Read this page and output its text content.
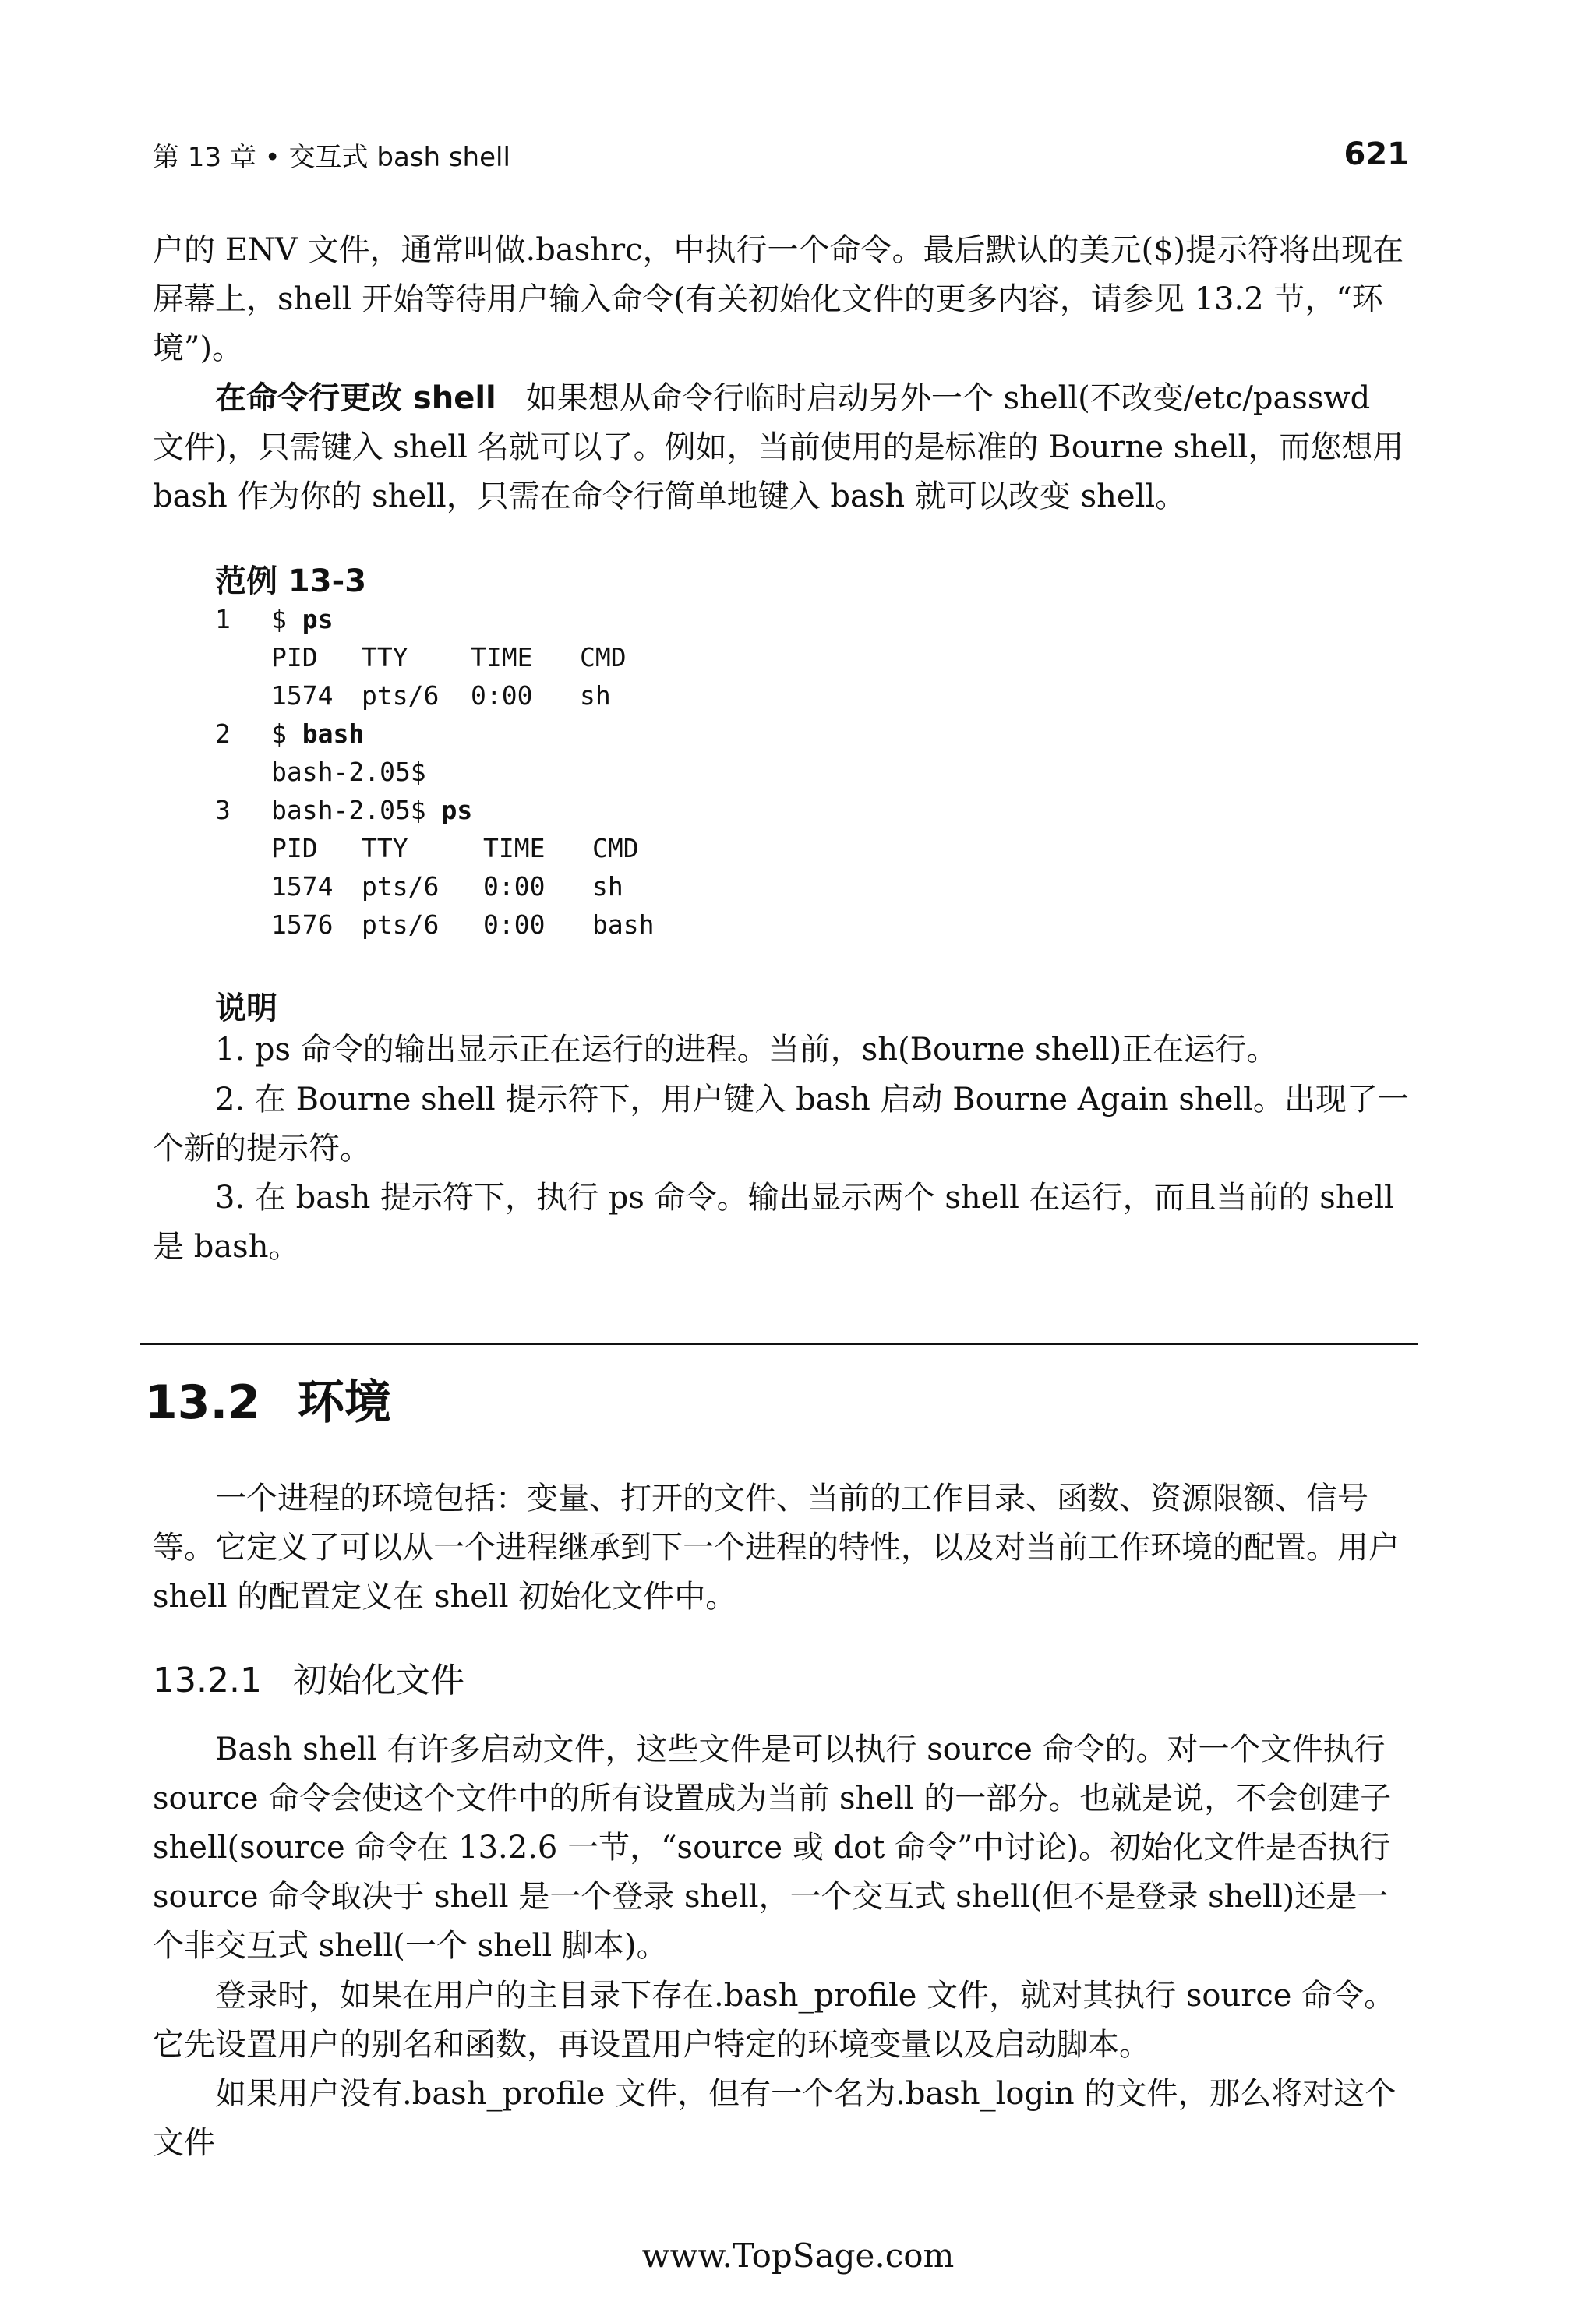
第 13 章 • 交互式 bash shell	621

户的 ENV 文件，通常叫做.bashrc，中执行一个命令。最后默认的美元($)提示符将出现在屏幕上，shell 开始等待用户输入命令(有关初始化文件的更多内容，请参见 13.2 节，“环境”)。

在命令行更改 shell 如果想从命令行临时启动另外一个 shell(不改变/etc/passwd 文件)，只需键入 shell 名就可以了。例如，当前使用的是标准的 Bourne shell，而您想用 bash 作为你的 shell，只需在命令行简单地键入 bash 就可以改变 shell。

范例 13-3
1	$ ps
PID	TTY	TIME	CMD
1574	pts/6	0:00	sh
2	$ bash
bash-2.05$
3	bash-2.05$ ps
PID	TTY	TIME	CMD
1574	pts/6	0:00	sh
1576	pts/6	0:00	bash
说明

1. ps 命令的输出显示正在运行的进程。当前，sh(Bourne shell)正在运行。

2. 在 Bourne shell 提示符下，用户键入 bash 启动 Bourne Again shell。出现了一个新的提示符。

3. 在 bash 提示符下，执行 ps 命令。输出显示两个 shell 在运行，而且当前的 shell 是 bash。

13.2 环境

一个进程的环境包括：变量、打开的文件、当前的工作目录、函数、资源限额、信号等。它定义了可以从一个进程继承到下一个进程的特性，以及对当前工作环境的配置。用户 shell 的配置定义在 shell 初始化文件中。

13.2.1 初始化文件

Bash shell 有许多启动文件，这些文件是可以执行 source 命令的。对一个文件执行 source 命令会使这个文件中的所有设置成为当前 shell 的一部分。也就是说，不会创建子 shell(source 命令在 13.2.6 一节，“source 或 dot 命令”中讨论)。初始化文件是否执行 source 命令取决于 shell 是一个登录 shell，一个交互式 shell(但不是登录 shell)还是一个非交互式 shell(一个 shell 脚本)。

登录时，如果在用户的主目录下存在.bash_profile 文件，就对其执行 source 命令。它先设置用户的别名和函数，再设置用户特定的环境变量以及启动脚本。

如果用户没有.bash_profile 文件，但有一个名为.bash_login 的文件，那么将对这个文件

www.TopSage.com
